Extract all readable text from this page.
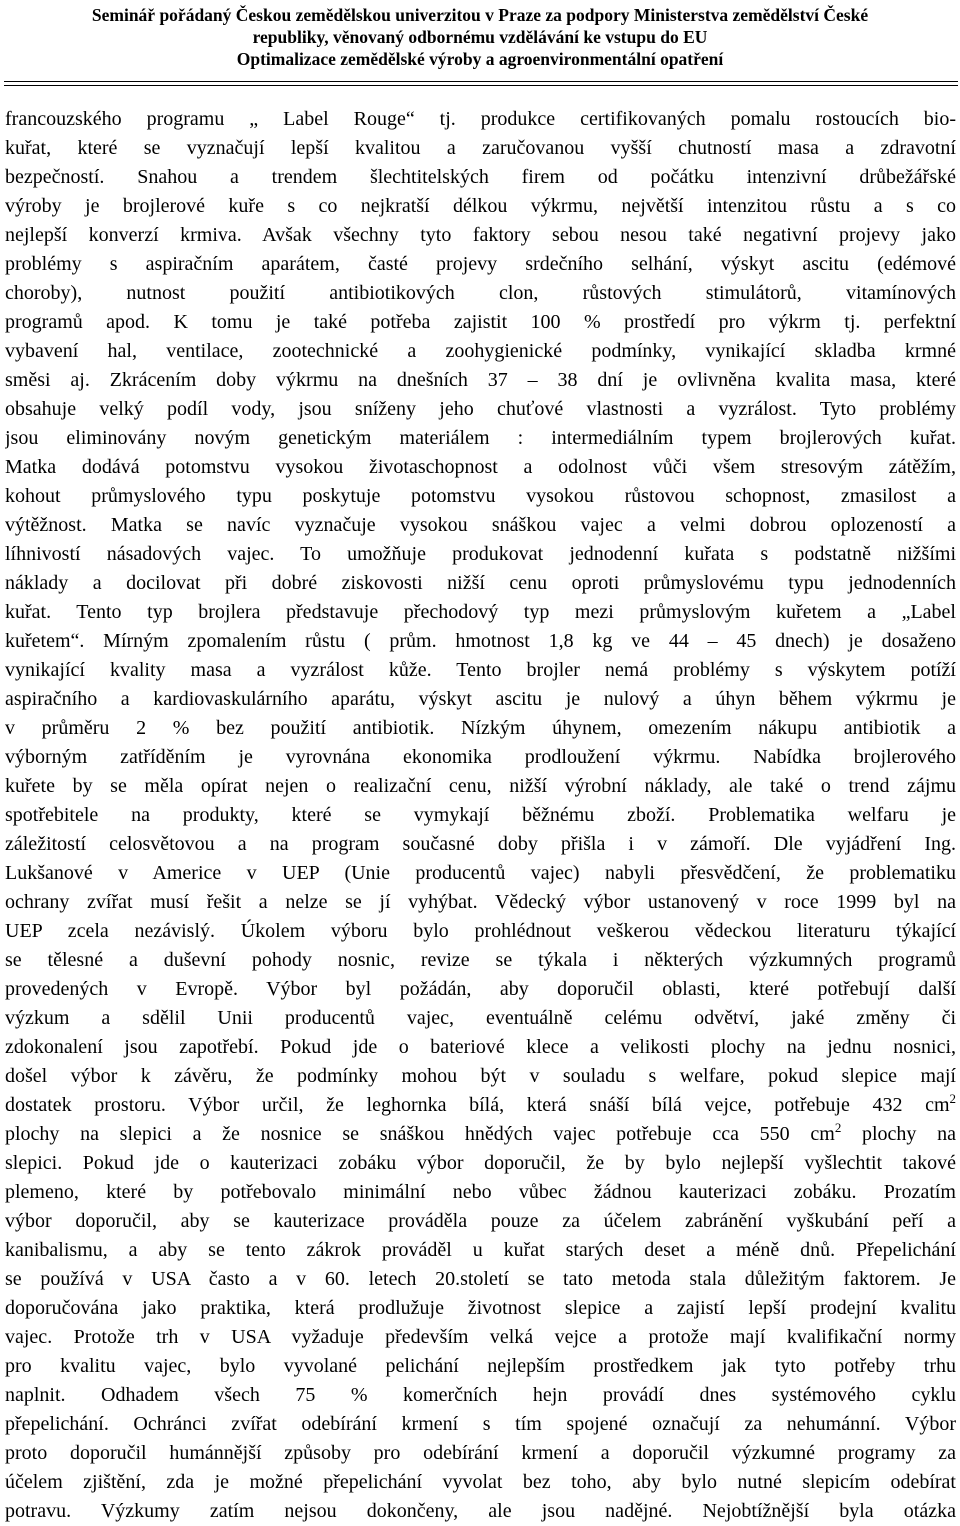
Seminář pořádaný Českou zemědělskou univerzitou v Praze za podpory Ministerstva zemědělství České
republiky, věnovaný odbornému vzdělávání ke vstupu do EU
Optimalizace zemědělské výroby a agroenvironmentální opatření
francouzského programu „ Label Rouge“ tj. produkce certifikovaných pomalu rostoucích bio-
kuřat, které se vyznačují lepší kvalitou a zaručovanou vyšší chutností masa a zdravotní
bezpečností. Snahou a trendem šlechtitelských firem od počátku intenzivní drůbežářské
výroby je brojlerové kuře s co nejkratší délkou výkrmu, největší intenzitou růstu a s co
nejlepší konverzí krmiva. Avšak všechny tyto faktory sebou nesou také negativní projevy jako
problémy s aspiračním aparátem, časté projevy srdečního selhání, výskyt ascitu (edémové
choroby), nutnost použití antibiotikových clon, růstových stimulátorů, vitamínových
programů apod. K tomu je také potřeba zajistit 100 % prostředí pro výkrm tj. perfektní
vybavení hal, ventilace, zootechnické a zoohygienické podmínky, vynikající skladba krmné
směsi aj. Zkrácením doby výkrmu na dnešních 37 – 38 dní je ovlivněna kvalita masa, které
obsahuje velký podíl vody, jsou sníženy jeho chuťové vlastnosti a vyzrálost. Tyto problémy
jsou eliminovány novým genetickým materiálem : intermediálním typem brojlerových kuřat.
Matka dodává potomstvu vysokou životaschopnost a odolnost vůči všem stresovým zátěžím,
kohout průmyslového typu poskytuje potomstvu vysokou růstovou schopnost, zmasilost a
výtěžnost. Matka se navíc vyznačuje vysokou snáškou vajec a velmi dobrou oplozeností a
líhnivostí násadových vajec. To umožňuje produkovat jednodenní kuřata s podstatně nižšími
náklady a docilovat při dobré ziskovosti nižší cenu oproti průmyslovému typu jednodenních
kuřat. Tento typ brojlera představuje přechodový typ mezi průmyslovým kuřetem a „Label
kuřetem“. Mírným zpomalením růstu ( prům. hmotnost 1,8 kg ve 44 – 45 dnech) je dosaženo
vynikající kvality masa a vyzrálost kůže. Tento brojler nemá problémy s výskytem potíží
aspiračního a kardiovaskulárního aparátu, výskyt ascitu je nulový a úhyn během výkrmu je
v průměru 2 % bez použití antibiotik. Nízkým úhynem, omezením nákupu antibiotik a
výborným zatříděním je vyrovnána ekonomika prodloužení výkrmu. Nabídka brojlerového
kuřete by se měla opírat nejen o realizační cenu, nižší výrobní náklady, ale také o trend zájmu
spotřebitele na produkty, které se vymykají běžnému zboží. Problematika welfaru je
záležitostí celosvětovou a na program současné doby přišla i v zámoří. Dle vyjádření Ing.
Lukšanové v Americe v UEP (Unie producentů vajec) nabyli přesvědčení, že problematiku
ochrany zvířat musí řešit a nelze se jí vyhýbat. Vědecký výbor ustanovený v roce 1999 byl na
UEP zcela nezávislý. Úkolem výboru bylo prohlédnout veškerou vědeckou literaturu týkající
se tělesné a duševní pohody nosnic, revize se týkala i některých výzkumných programů
provedených v Evropě. Výbor byl požádán, aby doporučil oblasti, které potřebují další
výzkum a sdělil Unii producentů vajec, eventuálně celému odvětví, jaké změny či
zdokonalení jsou zapotřebí. Pokud jde o bateriové klece a velikosti plochy na jednu nosnici,
došel výbor k závěru, že podmínky mohou být v souladu s welfare, pokud slepice mají
dostatek prostoru. Výbor určil, že leghornka bílá, která snáší bílá vejce, potřebuje 432 $cm^2$
plochy na slepici a že nosnice se snáškou hnědých vajec potřebuje cca 550 $cm^2$ plochy na
slepici. Pokud jde o kauterizaci zobáku výbor doporučil, že by bylo nejlepší vyšlechtit takové
plemeno, které by potřebovalo minimální nebo vůbec žádnou kauterizaci zobáku. Prozatím
výbor doporučil, aby se kauterizace prováděla pouze za účelem zabránění vyškubání peří a
kanibalismu, a aby se tento zákrok prováděl u kuřat starých deset a méně dnů. Přepelichání
se používá v USA často a v 60. letech 20.století se tato metoda stala důležitým faktorem. Je
doporučována jako praktika, která prodlužuje životnost slepice a zajistí lepší prodejní kvalitu
vajec. Protože trh v USA vyžaduje především velká vejce a protože mají kvalifikační normy
pro kvalitu vajec, bylo vyvolané pelichání nejlepším prostředkem jak tyto potřeby trhu
naplnit. Odhadem všech 75 % komerčních hejn provádí dnes systémového cyklu
přepelichání. Ochránci zvířat odebírání krmení s tím spojené označují za nehumánní. Výbor
proto doporučil humánnější způsoby pro odebírání krmení a doporučil výzkumné programy za
účelem zjištění, zda je možné přepelichání vyvolat bez toho, aby bylo nutné slepicím odebírat
potravu. Výzkumy zatím nejsou dokončeny, ale jsou nadějné. Nejobtížnější byla otázka
